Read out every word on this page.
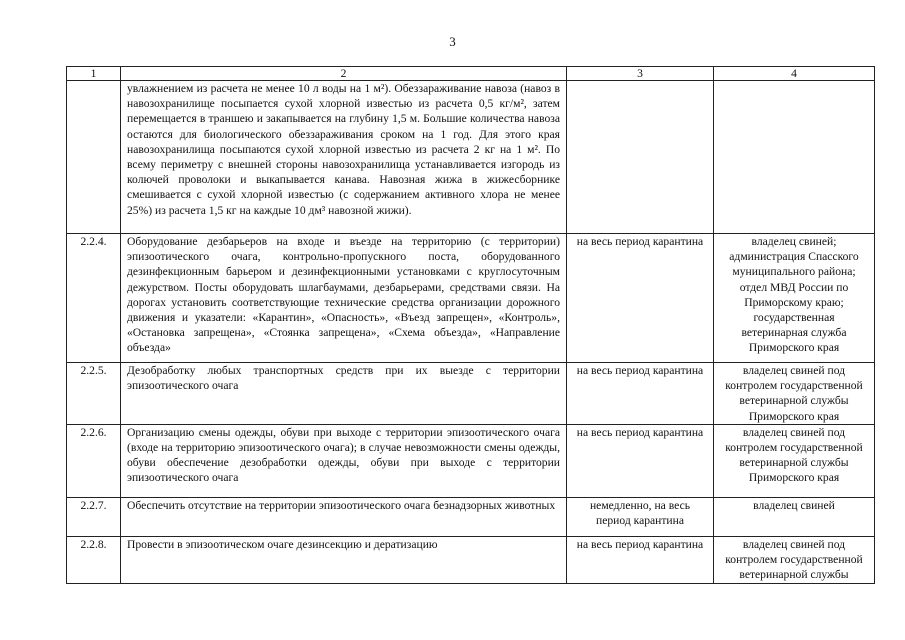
3
1	2	3	4
	увлажнением из расчета не менее 10 л воды на 1 м²). Обеззараживание навоза (навоз в навозохранилище посыпается сухой хлорной известью из расчета 0,5 кг/м², затем перемещается в траншею и закапывается на глубину 1,5 м. Большие количества навоза остаются для биологического обеззараживания сроком на 1 год. Для этого края навозохранилища посыпаются сухой хлорной известью из расчета 2 кг на 1 м². По всему периметру с внешней стороны навозохранилища устанавливается изгородь из колючей проволоки и выкапывается канава. Навозная жижа в жижесборнике смешивается с сухой хлорной известью (с содержанием активного хлора не менее 25%) из расчета 1,5 кг на каждые 10 дм³ навозной жижи).		
2.2.4.	Оборудование дезбарьеров на входе и въезде на территорию (с территории) эпизоотического очага, контрольно-пропускного поста, оборудованного дезинфекционным барьером и дезинфекционными установками с круглосуточным дежурством. Посты оборудовать шлагбаумами, дезбарьерами, средствами связи. На дорогах установить соответствующие технические средства организации дорожного движения и указатели: «Карантин», «Опасность», «Въезд запрещен», «Контроль», «Остановка запрещена», «Стоянка запрещена», «Схема объезда», «Направление объезда»	на весь период карантина	владелец свиней; администрация Спасского муниципального района; отдел МВД России по Приморскому краю; государственная ветеринарная служба Приморского края
2.2.5.	Дезобработку любых транспортных средств при их выезде с территории эпизоотического очага	на весь период карантина	владелец свиней под контролем государственной ветеринарной службы Приморского края
2.2.6.	Организацию смены одежды, обуви при выходе с территории эпизоотического очага (входе на территорию эпизоотического очага); в случае невозможности смены одежды, обуви обеспечение дезобработки одежды, обуви при выходе с территории эпизоотического очага	на весь период карантина	владелец свиней под контролем государственной ветеринарной службы Приморского края
2.2.7.	Обеспечить отсутствие на территории эпизоотического очага безнадзорных животных	немедленно, на весь период карантина	владелец свиней
2.2.8.	Провести в эпизоотическом очаге дезинсекцию и дератизацию	на весь период карантина	владелец свиней под контролем государственной ветеринарной службы
